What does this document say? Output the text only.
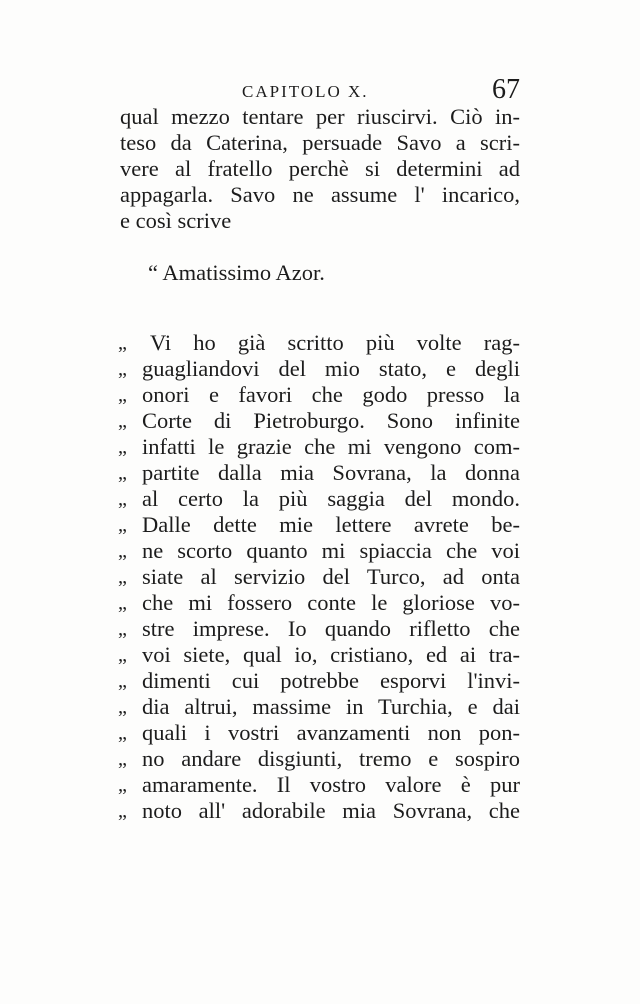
CAPITOLO X.	67
qual mezzo tentare per riuscirvi. Ciò in-
teso da Caterina, persuade Savo a scri-
vere al fratello perchè si determini ad
appagarla. Savo ne assume l' incarico,
e così scrive
“ Amatissimo Azor.
„	Vi ho già scritto più volte rag-
„ guagliandovi del mio stato, e degli
„ onori e favori che godo presso la
„ Corte di Pietroburgo. Sono infinite
„ infatti le grazie che mi vengono com-
„ partite dalla mia Sovrana, la donna
„ al certo la più saggia del mondo.
„ Dalle dette mie lettere avrete be-
„ ne scorto quanto mi spiaccia che voi
„ siate al servizio del Turco, ad onta
„ che mi fossero conte le gloriose vo-
„ stre imprese. Io quando rifletto che
„ voi siete, qual io, cristiano, ed ai tra-
„ dimenti cui potrebbe esporvi l'invi-
„ dia altrui, massime in Turchia, e dai
„ quali i vostri avanzamenti non pon-
„ no andare disgiunti, tremo e sospiro
„ amaramente. Il vostro valore è pur
„ noto all' adorabile mia Sovrana, che
